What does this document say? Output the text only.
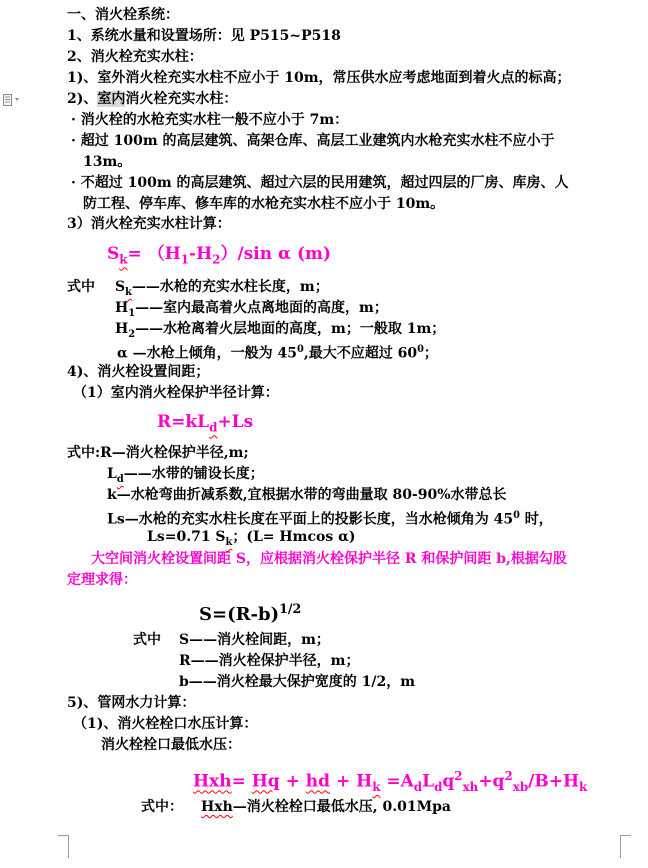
一、消火栓系统：
1、系统水量和设置场所：见 P515~P518
2、消火栓充实水柱：
1)、室外消火栓充实水柱不应小于 10m，常压供水应考虑地面到着火点的标高；
2)、室内消火栓充实水柱：
· 消火栓的水枪充实水柱一般不应小于 7m：
· 超过 100m 的高层建筑、高架仓库、高层工业建筑内水枪充实水柱不应小于
13m。
· 不超过 100m 的高层建筑、超过六层的民用建筑，超过四层的厂房、库房、人
防工程、停车库、修车库的水枪充实水柱不应小于 10m。
3）消火栓充实水柱计算：
$S_k= (H_1-H_2)/\sin$ α (m)
式中 $S_k——$水枪的充实水柱长度，m；
$H_1——$室内最高着火点离地面的高度，m；
$H_2——$水枪离着火层地面的高度，m；一般取 1m；
α —水枪上倾角，一般为 $45^0$,最大不应超过 $60^0$；
4)、消火栓设置间距；
（1）室内消火栓保护半径计算：
$R=kL_d+Ls$
式中:R—消火栓保护半径,m;
$L_d——$水带的铺设长度；
k—水枪弯曲折减系数,宜根据水带的弯曲量取 80-90%水带总长
Ls—水枪的充实水柱长度在平面上的投影长度，当水枪倾角为 $45^0$ 时，
Ls=0.71 $S_k$；(L= Hmcos α)
大空间消火栓设置间距 S，应根据消火栓保护半径 R 和保护间距 b,根据勾股
定理求得：
$S=(R-b)^{1/2}$
式中 S——消火栓间距，m；
R——消火栓保护半径，m；
b——消火栓最大保护宽度的 1/2，m
5)、管网水力计算：
（1)、消火栓栓口水压计算：
消火栓栓口最低水压：
Hxh= Hq + hd + $H_k =A_dL_dq^2_{xh}+q^2_{xb}/B+H_k$
式中： Hxh—消火栓栓口最低水压, 0.01Mpa
